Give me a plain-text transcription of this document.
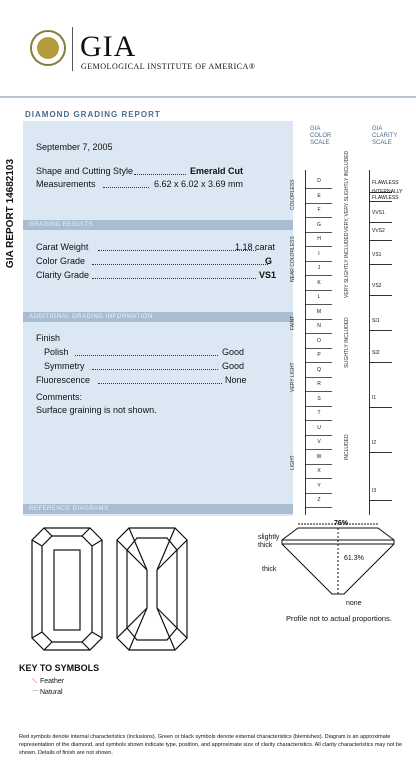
GIA
GEMOLOGICAL INSTITUTE OF AMERICA®
DIAMOND GRADING REPORT
GIA REPORT 14682103
September 7, 2005
Shape and Cutting Style	Emerald Cut
Measurements	6.62 x 6.02 x 3.69 mm
GRADING RESULTS
Carat Weight	1.18 carat
Color Grade	G
Clarity Grade	VS1
ADDITIONAL GRADING INFORMATION
Finish
Polish	Good
Symmetry	Good
Fluorescence	None
Comments:
Surface graining is not shown.
REFERENCE DIAGRAMS
GIA
COLOR
SCALE
D
E
F
G
H
I
J
K
L
M
N
O
P
Q
R
S
T
U
V
W
X
Y
Z
COLORLESS
NEAR COLORLESS
FAINT
VERY LIGHT
LIGHT
GIA
CLARITY
SCALE
FLAWLESS
INTERNALLY FLAWLESS
VVS1
VVS2
VS1
VS2
SI1
SI2
I1
I2
I3
VERY, VERY SLIGHTLY INCLUDED
VERY SLIGHTLY INCLUDED
SLIGHTLY INCLUDED
INCLUDED
76%
61.3%
slightly thick
thick
none
Profile not to actual proportions.
KEY TO SYMBOLS
⟍ Feather
⌒ Natural
Red symbols denote internal characteristics (inclusions). Green or black symbols denote external characteristics (blemishes). Diagram is an approximate representation of the diamond, and symbols shown indicate type, position, and approximate size of clarity characteristics. All clarity characteristics may not be shown. Details of finish are not shown.
